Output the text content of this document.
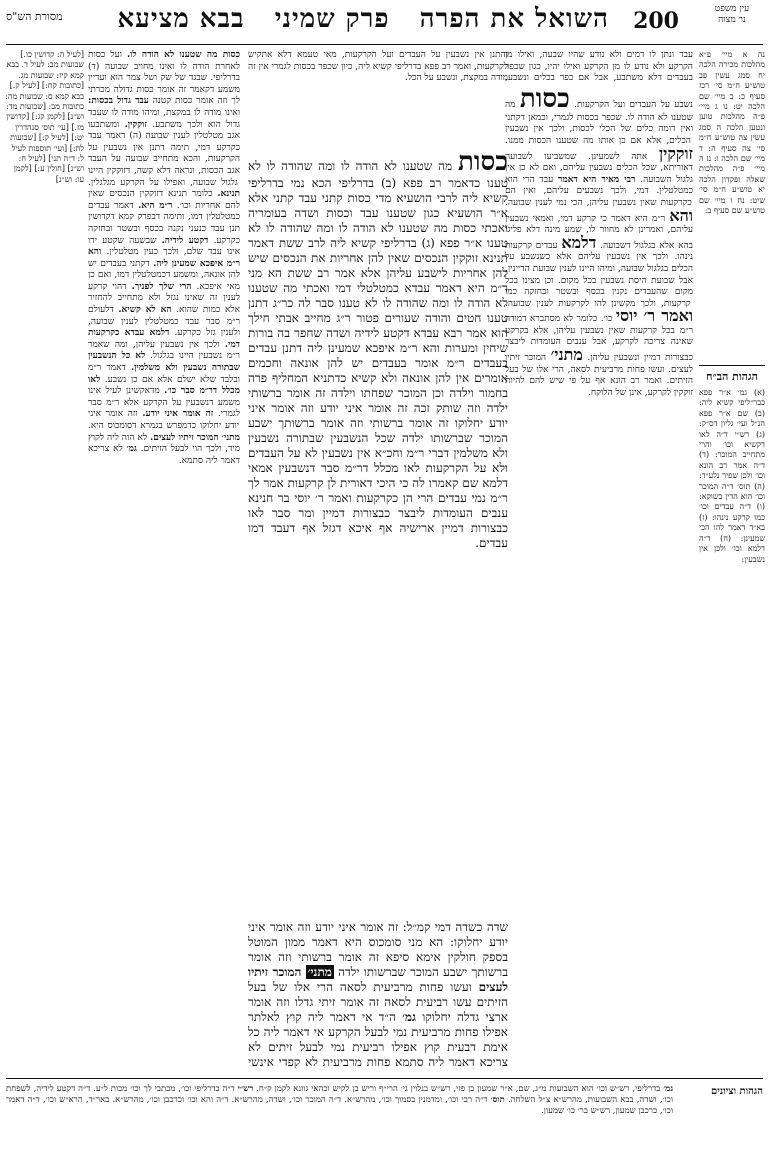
עין משפט
נר מצוה
200
השואל את הפרה   פרק שמיני   בבא מציעא
מסורת הש"ס

נה א מיי׳ פ״א מהלכות מכירה הלכה יח סמג עשין פב טוש״ע ח״מ סי׳ רכז סעיף כ: ב מיי׳ שם הלכה יט: נו ג מיי׳ פ״ה מהלכות טוען ונטען הלכה ה סמג עשין צה טוש״ע ח״מ סי׳ צה סעיף ה: ד מיי׳ שם הלכה ו: נז ה מיי׳ פ״ה מהלכות שאלה ופקדון הלכה יא טוש״ע ח״מ סי׳ שיט: נח ו מיי׳ שם טוש״ע שם סעיף ב:

הגהות הב״ח

(א) גמ׳ א״ר פפא כבר״ליפי קשיא ליה: (ב) שם א״ר פפא הנ״ל ועי׳ גליון דס״ק: (ג) רש״י ד״ה לאו דקשיא וכו׳ והרי מתחייב המוכר: (ד) ד״ה אמר רב הונא וכו׳ ולכן שפיר נלע״ד: (ה) תוס׳ ד״ה המוכר וכו׳ הוא הדין בשוקא: (ו) ד״ה עבדים וכו׳ כמו קרקע נינהו: (ז) בא״ד דאמר להו הכי שמעינן: (ח) ד״ה דלמא וכו׳ ולכן אין נשבעין:

עבד ונתן לו דמים ולא נודע שהיו שבעה, ואילו מן הקרקע ולא נודע לו מן הקרקע ואילו יהיו, כגון שכפר בעבדים דלא משתבע, אבל אם כפר בכלים ונשבע, נשבע על העבדים ועל הקרקעות. כסות מה שטענו לא הודה לו. שכפר בכסות לגמרי, וכמאן דקתני ואין דומה כלים של הכלי לכסות, ולכך אין נשבעין הכלים, אלא אם כן אותו מה שטענו הכסות ממנו. זוקקין אתה לשמעינן. שמשביעו לשבועה דאוריתא, שכל הכלים נשבעין עליהם, ואם לא כן אין גלגול השבועה. רבי מאיר היא דאמר עבד הרי הוא כמטלטלין. דמי, ולכך נשבעים עליהם, ואין הם כקרקעות שאין נשבעין עליהן, הכי נמי לענין שבועה. והא ר״מ היא דאמר כי קרקע דמי, ואמאי נשבעין עליהם, ואמרינן לא מחוור לו, שמע מינה דלא פליגי בהא אלא בגלגול דשבועה. דלמא עבדים קרקעות נינהו. ולכך אין נשבעין עליהם אלא כשנשבע על הכלים בגלגול שבועה, ומיהו היינו לענין שבועת הדיינין, אבל שבועת היסת נשבעין בכל מקום. וכן מצינו בכל מקום שהעבדים נקנין בכסף ובשטר ובחזקה כמו קרקעות, ולכך מקשינן להו לקרקעות לענין שבועה. ואמר ר׳ יוסי כו׳. כלומר לא מסתברא דמודה ר״מ בכל קרקעות שאין נשבעין עליהן, אלא בקרקע שאינה צריכה לקרקע, אבל ענבים העומדות ליבצר כבצורות דמיין ונשבעין עליהן. מתני׳ המוכר זיתיו לעצים. ועשו פחות מרביעית לסאה, הרי אלו של בעל הזיתים. ואמר רב הונא אף על פי שיש להם להיות זוקקין לקרקע, אינן של הלוקח.

והתנן אין נשבעין על העבדים ועל הקרקעות, מאי טעמא דלא אתקיש לקרקעות, ואמר רב פפא בדרליפי קשיא ליה, כיון שכפר בכסות לגמרי אין זה מודה במקצת, ונשבע על הכל.

כסות מה שטענו לא הודה לו ומה שהודה לו לא טענו כדאמר רב פפא (ב) בדרליפי הכא נמי בדרליפי קשיא ליה לרבי הושעיא מדי כסות קתני עבד קתני אלא א״ר הושעיא כגון שטענו עבד וכסות ושדה בעומריה ואכתי כסות מה שטענו לא הודה לו ומה שהודה לו לא טענו א״ר פפא (ג) בדרליפי קשיא ליה לרב ששת דאמר תנינא זוקקין הנכסים שאין להן אחריות את הנכסים שיש להן אחריות לישבע עליהן אלא אמר רב ששת הא מני ר״מ היא דאמר עבדא כמטלטלי דמי ואכתי מה שטענו לא הודה לו ומה שהודה לו לא טענו סבר לה כר״ג דתנן טענו חטים והודה שעורים פטור ר״ג מחייב אבתי חילך הוא אמר רבא עבדא דקטע לידיה ושדה שחפר בה בורות שיחין ומערות והא ר״מ איפכא שמעינן ליה דתנן עבדים בעבדים ר״מ אומר בעבדים יש להן אונאה וחכמים אומרים אין להן אונאה ולא קשיא כדתניא המחליף פרה בחמור וילדה וכן המוכר שפחתו וילדה זה אומר ברשותי ילדה וזה שותק זכה זה אומר איני יודע וזה אומר איני יודע יחלוקו זה אומר ברשותי וזה אומר ברשותך ישבע המוכר שברשותו ילדה שכל הנשבעין שבתורה נשבעין ולא משלמין דברי ר״מ וחכ״א אין נשבעין לא על העבדים ולא על הקרקעות לאו מכלל דר״מ סבר דנשבעין אמאי דלמא שם קאמרו לה כי היכי דאורית לן קרקעות אמר לך ר״מ נמי עבדים הרי הן כקרקעות ואמר ר׳ יוסי בר חנינא ענבים העומדות ליבצר כבצורות דמיין ומר סבר לאו כבצורות דמיין ארישיה אף איכא דגזל אף דעבד דמו עבדים.

שדה כשדה דמי קמ״ל: זה אומר איני יודע וזה אומר איני יודע יחלוקו: הא מני סומכוס היא דאמר ממון המוטל בספק חולקין אימא סיפא זה אומר ברשותי וזה אומר ברשותך ישבע המוכר שברשותו ילדה מתני׳ המוכר זיתיו לעצים ועשו פחות מרביעית לסאה הרי אלו של בעל הזיתים עשו רביעית לסאה זה אומר זיתי גדלו וזה אומר ארצי גדלה יחלוקו גמ׳ ה״ד אי דאמר ליה קוץ לאלתר אפילו פחות מרביעית נמי לבעל הקרקע אי דאמר ליה כל אימת דבעית קוץ אפילו רביעית נמי לבעל זיתים לא צריכא דאמר ליה סתמא פחות מרביעית לא קפדי אינשי

כסות מה שטענו לא הודה לו. ועל כסות לאחרת הודה לו ואינו מחויב שבועה (ד) בדרליפי. שבגד של שק ושל צמר הוא ועדיין משמע דקאמר זה אומר כסות גדולה מכרתי לך וזה אומר כסות קטנה עבד גדול בכסות: ואינו מודה לו במקצת, ומיהו מודה לו שעבד גדול הוא ולכך משתבע. זוקקין. ומשתבעו אגב מטלטלין לענין שבועה (ה) דאמר עבד כקרקע דמי, תימה דתנן אין נשבעין על הקרקעות, והכא מתחייב שבועה על העבד אגב הכסות, ונראה דלא קשה, דזוקקין היינו גלגול שבועה, ואפילו על הקרקע מגלגלין. תנינא. כלומר תנינא דזוקקין הנכסים שאין להם אחריות וכו׳. ר״מ היא. דאמר עבדים כמטלטלין דמו, ותימה דבפרק קמא דקדושין תנן עבד כנעני נקנה בכסף ובשטר ובחזקה כקרקע. דקטע לידיה. שבשעה שקטע ידו אינו עבד שלם, ולכך כעין מטלטלין. והא ר״מ איפכא שמעינן ליה. דקתני בעבדים יש להן אונאה, ומשמע דכמטלטלין דמו, ואם כן מאי איפכא. הרי שלך לפניך. דהוי קרקע לענין זה שאינו נגזל ולא מתחייב להחזיר אלא כמות שהוא. הא לא קשיא. דלעולם ר״מ סבר עבד כמטלטלין לענין שבועה, ולענין גזל כקרקע. דלמא עבדא כקרקעות דמי. ולכך אין נשבעין עליהן, ומה שאמר ר״מ נשבעין היינו בגלגול. לא כל הנשבעין שבתורה נשבעין ולא משלמין. דאמר ר״מ ובלבד שלא ישלם אלא אם כן נשבע. לאו מכלל דר״מ סבר כו׳. מדאקשינן לעיל אינו משמע דנשבעין על הקרקע אלא ר״מ סבר לגמרי. זה אומר איני יודע. וזה אומר איני יודע יחלוקו כדמפרש בגמרא דסומכוס היא. מתני׳ המוכר זיתיו לעצים. לא הוה ליה לקוץ מיד, ולכך הוי לבעל הזיתים. גמ׳ לא צריכא דאמר ליה סתמא.

[לעיל ה: קדושין כו.] שבועות מב: לעיל ד. בבא קמא קיז: שבועות מג. [כתובות קח:] [לעיל ק.] בבא קמא ס: שבועות מה: כתובות מב: [שבועות מד: וש״נ] [לקמן קג:] [קדושין מז.] [עי׳ תוס׳ סנהדרין יט:] [לעיל ק:] [שבועות לח:] [ועי׳ תוספות לעיל ל: ד״ה תני] [לעיל ח: וש״נ] [חולין ע:] [לקמן עו: וש״נ]

הגהות וציונים
גמ׳ בדרליפי, רש״ש וכו׳ הוא השבועות מ״ג, שם, א״ר שמעון בן פזי, רש״ש בנלוין גי׳ הרי״ף וריש בן לקיש וכהאי גוונא לקמן ק״ח. רש״י ד״ה בדרליפי וכו׳, מכתבי לך וכו׳ מכות ל״ע. ד״ה דקטע לידיה, לשפחת וכו׳, ושדה, בבא השבועות, מהרש״א צ״ל השלחה. תוס׳ ד״ה רבי וכו׳, ומדמנין בסמוך וכו׳, מהרש״א. ד״ה המוכר וכו׳, ושדה, מהרש״א. ד״ה והא וכו׳ וכרכבן וכו׳, מהרש״א. באר״ד, הרא״ש וכו׳, ד״ה דאמר וכו׳, כרכבן שמעון, רש״ש בר׳ כו׳ שמעון.
